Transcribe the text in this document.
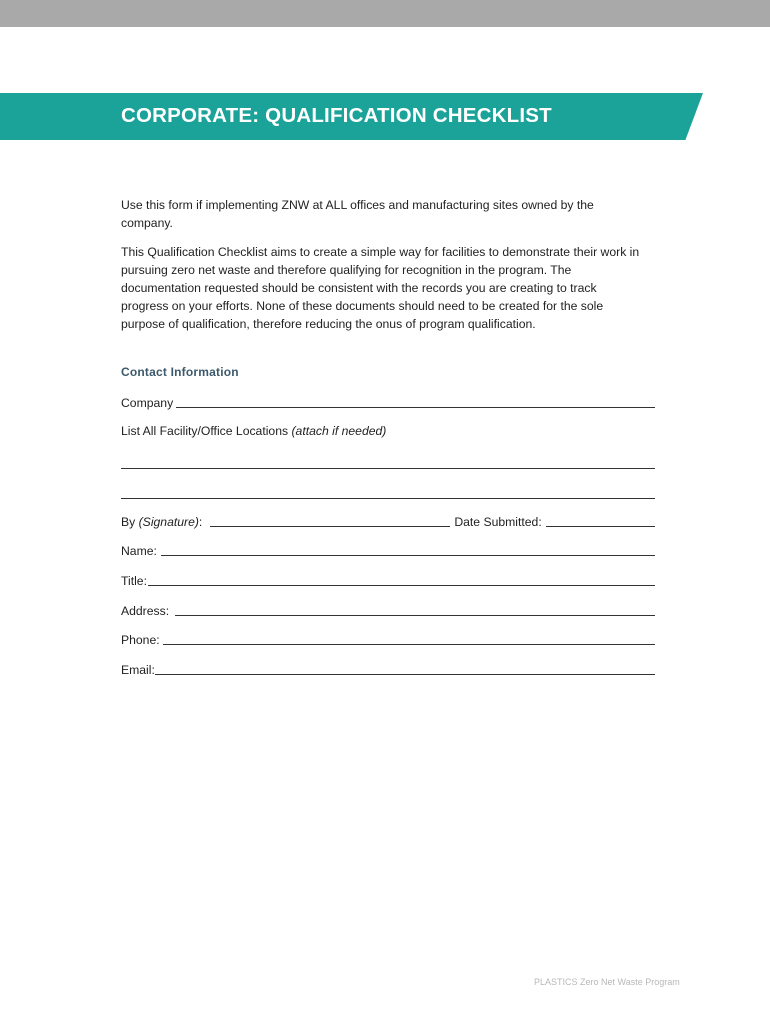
CORPORATE: QUALIFICATION CHECKLIST

Use this form if implementing ZNW at ALL offices and manufacturing sites owned by the company.

This Qualification Checklist aims to create a simple way for facilities to demonstrate their work in pursuing zero net waste and therefore qualifying for recognition in the program. The documentation requested should be consistent with the records you are creating to track progress on your efforts. None of these documents should need to be created for the sole purpose of qualification, therefore reducing the onus of program qualification.

Contact Information
Company
List All Facility/Office Locations (attach if needed)
By (Signature):	Date Submitted:
Name:
Title:
Address:
Phone:
Email:
PLASTICS Zero Net Waste Program
